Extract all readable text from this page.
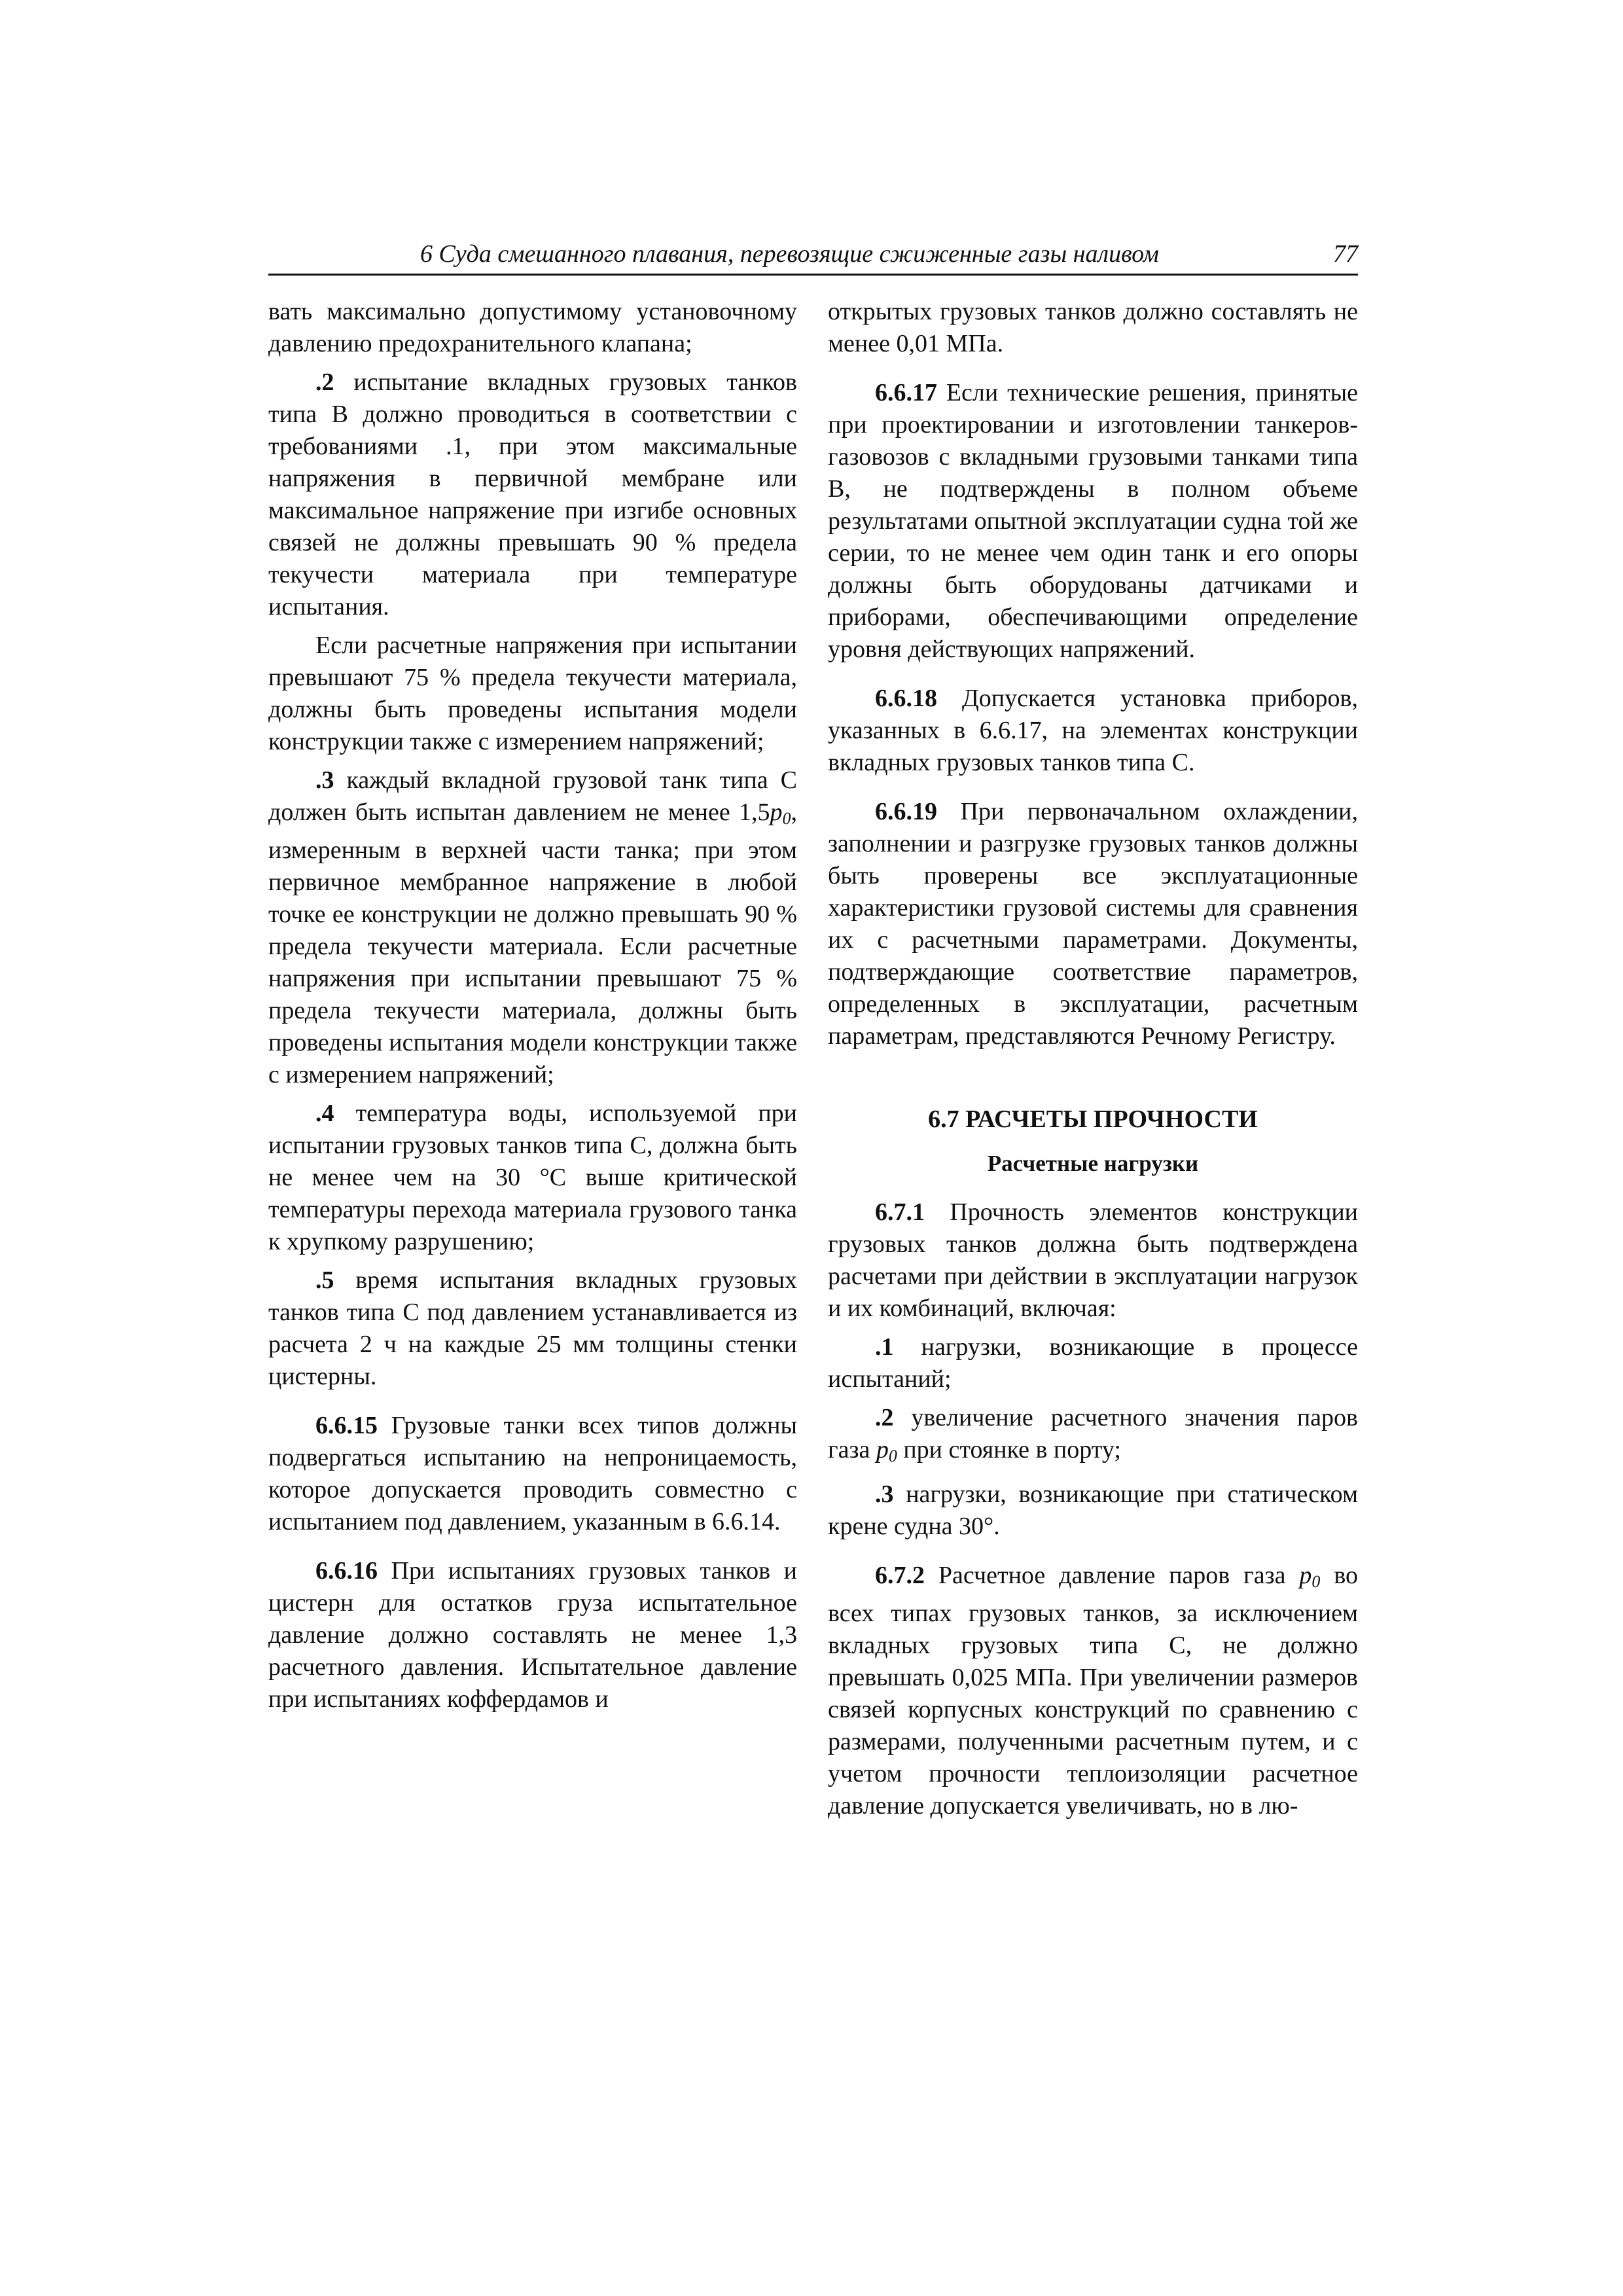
6 Суда смешанного плавания, перевозящие сжиженные газы наливом	77

вать максимально допустимому установочному давлению предохранительного клапана;

.2 испытание вкладных грузовых танков типа В должно проводиться в соответствии с требованиями .1, при этом максимальные напряжения в первичной мембране или максимальное напряжение при изгибе основных связей не должны превышать 90 % предела текучести материала при температуре испытания.

Если расчетные напряжения при испытании превышают 75 % предела текучести материала, должны быть проведены испытания модели конструкции также с измерением напряжений;

.3 каждый вкладной грузовой танк типа С должен быть испытан давлением не менее $1,5p_0$, измеренным в верхней части танка; при этом первичное мембранное напряжение в любой точке ее конструкции не должно превышать 90 % предела текучести материала. Если расчетные напряжения при испытании превышают 75 % предела текучести материала, должны быть проведены испытания модели конструкции также с измерением напряжений;

.4 температура воды, используемой при испытании грузовых танков типа С, должна быть не менее чем на 30 °С выше критической температуры перехода материала грузового танка к хрупкому разрушению;

.5 время испытания вкладных грузовых танков типа С под давлением устанавливается из расчета 2 ч на каждые 25 мм толщины стенки цистерны.

6.6.15 Грузовые танки всех типов должны подвергаться испытанию на непроницаемость, которое допускается проводить совместно с испытанием под давлением, указанным в 6.6.14.

6.6.16 При испытаниях грузовых танков и цистерн для остатков груза испытательное давление должно составлять не менее 1,3 расчетного давления. Испытательное давление при испытаниях коффердамов и

открытых грузовых танков должно составлять не менее 0,01 МПа.

6.6.17 Если технические решения, принятые при проектировании и изготовлении танкеров-газовозов с вкладными грузовыми танками типа В, не подтверждены в полном объеме результатами опытной эксплуатации судна той же серии, то не менее чем один танк и его опоры должны быть оборудованы датчиками и приборами, обеспечивающими определение уровня действующих напряжений.

6.6.18 Допускается установка приборов, указанных в 6.6.17, на элементах конструкции вкладных грузовых танков типа С.

6.6.19 При первоначальном охлаждении, заполнении и разгрузке грузовых танков должны быть проверены все эксплуатационные характеристики грузовой системы для сравнения их с расчетными параметрами. Документы, подтверждающие соответствие параметров, определенных в эксплуатации, расчетным параметрам, представляются Речному Регистру.

6.7 РАСЧЕТЫ ПРОЧНОСТИ

Расчетные нагрузки

6.7.1 Прочность элементов конструкции грузовых танков должна быть подтверждена расчетами при действии в эксплуатации нагрузок и их комбинаций, включая:

.1 нагрузки, возникающие в процессе испытаний;

.2 увеличение расчетного значения паров газа $p_0$ при стоянке в порту;

.3 нагрузки, возникающие при статическом крене судна 30°.

6.7.2 Расчетное давление паров газа $p_0$ во всех типах грузовых танков, за исключением вкладных грузовых типа С, не должно превышать 0,025 МПа. При увеличении размеров связей корпусных конструкций по сравнению с размерами, полученными расчетным путем, и с учетом прочности теплоизоляции расчетное давление допускается увеличивать, но в лю-
